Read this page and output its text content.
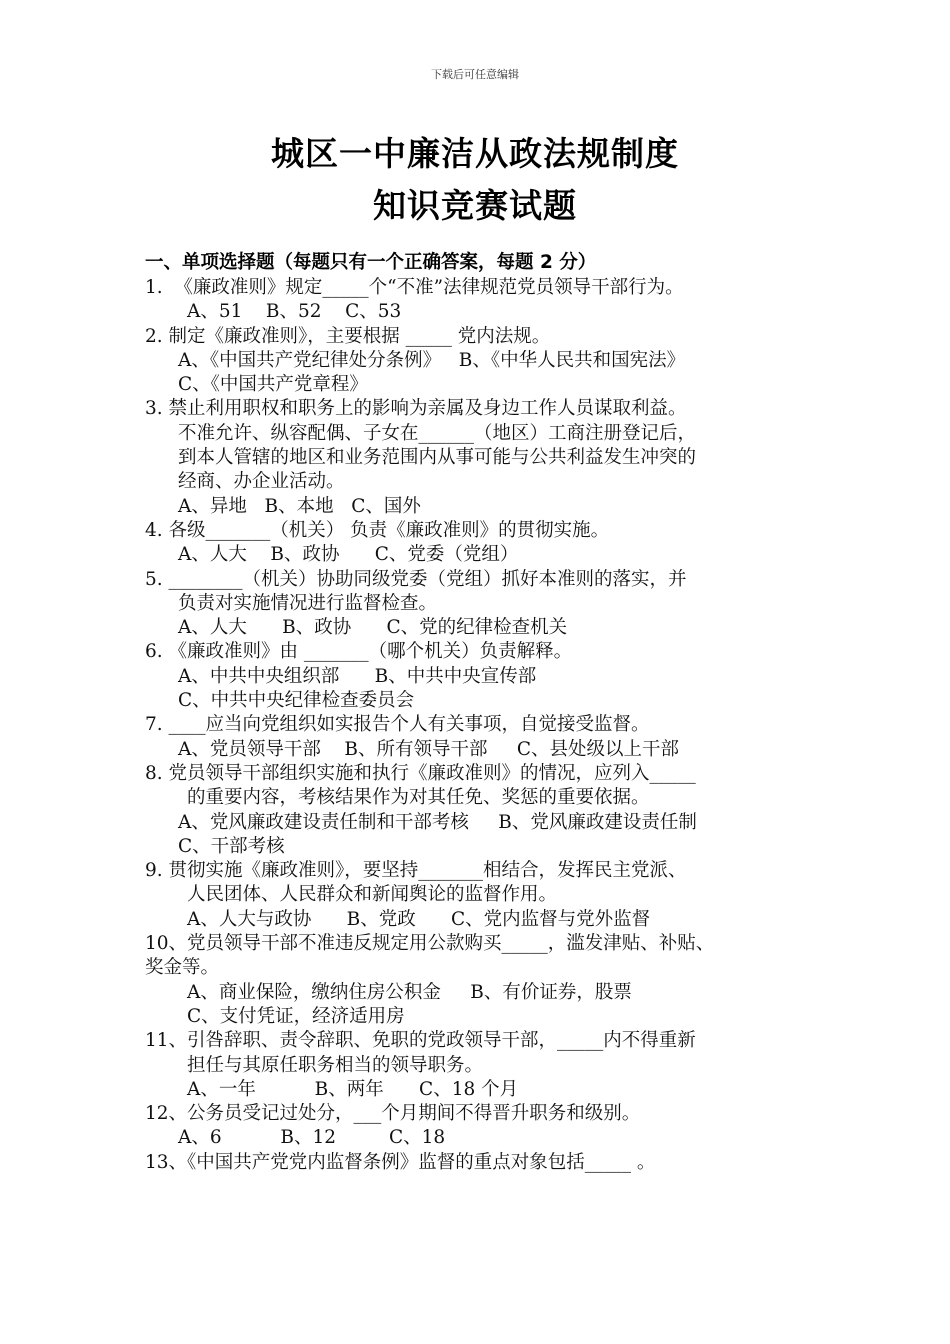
下载后可任意编辑
城区一中廉洁从政法规制度
知识竞赛试题
一、单项选择题（每题只有一个正确答案，每题 2 分）
1.  《廉政准则》规定_____个“不准”法律规范党员领导干部行为。
A、51    B、52    C、53
2. 制定《廉政准则》，主要根据 _____ 党内法规。
A、《中国共产党纪律处分条例》   B、《中华人民共和国宪法》
C、《中国共产党章程》
3. 禁止利用职权和职务上的影响为亲属及身边工作人员谋取利益。
不准允许、纵容配偶、子女在______（地区）工商注册登记后，
到本人管辖的地区和业务范围内从事可能与公共利益发生冲突的
经商、办企业活动。
A、异地   B、本地   C、国外
4. 各级_______（机关） 负责《廉政准则》的贯彻实施。
A、人大    B、政协      C、党委（党组）
5. ________（机关）协助同级党委（党组）抓好本准则的落实，并
负责对实施情况进行监督检查。
A、人大      B、政协      C、党的纪律检查机关
6. 《廉政准则》由 _______（哪个机关）负责解释。
A、中共中央组织部      B、中共中央宣传部
C、中共中央纪律检查委员会
7. ____应当向党组织如实报告个人有关事项，自觉接受监督。
A、党员领导干部    B、所有领导干部     C、县处级以上干部
8. 党员领导干部组织实施和执行《廉政准则》的情况，应列入_____
的重要内容，考核结果作为对其任免、奖惩的重要依据。
A、党风廉政建设责任制和干部考核     B、党风廉政建设责任制
C、干部考核
9. 贯彻实施《廉政准则》，要坚持_______相结合，发挥民主党派、
人民团体、人民群众和新闻舆论的监督作用。
A、人大与政协      B、党政      C、党内监督与党外监督
10、党员领导干部不准违反规定用公款购买_____，滥发津贴、补贴、
奖金等。
A、商业保险，缴纳住房公积金     B、有价证券，股票
C、支付凭证，经济适用房
11、引咎辞职、责令辞职、免职的党政领导干部，_____内不得重新
担任与其原任职务相当的领导职务。
A、一年          B、两年      C、18 个月
12、公务员受记过处分，___个月期间不得晋升职务和级别。
A、6          B、12         C、18
13、《中国共产党党内监督条例》监督的重点对象包括_____ 。
